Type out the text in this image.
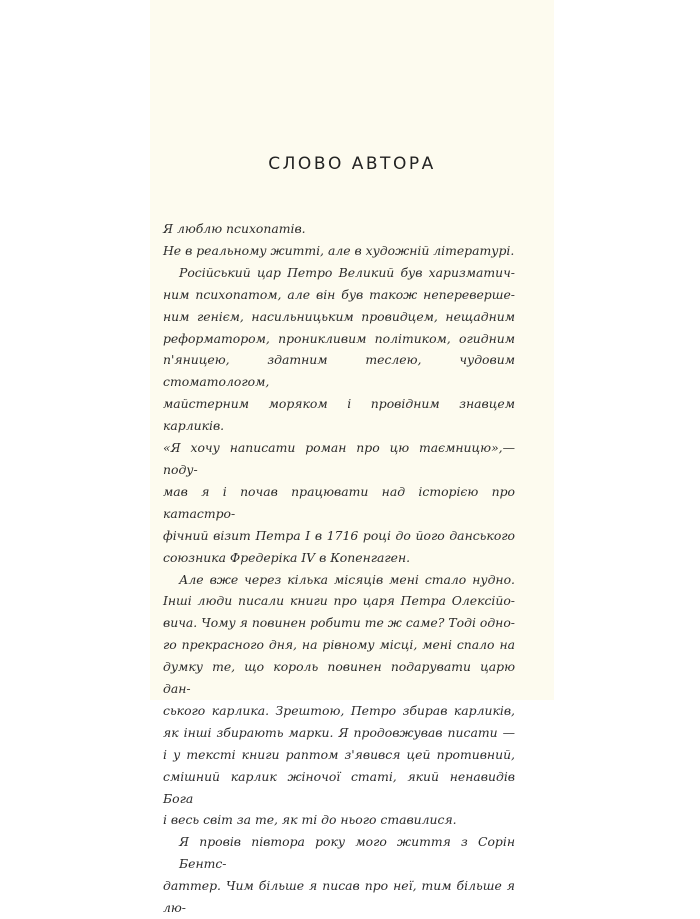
СЛОВО АВТОРА
Я люблю психопатів.
Не в реальному житті, але в художній літературі.
Російський цар Петро Великий був харизматич-
ним психопатом, але він був також неперевершe-
ним генієм, насильницьким провидцем, нещадним
реформатором, проникливим політиком, огидним
п'яницею, здатним теслею, чудовим стоматологом,
майстерним моряком і провідним знавцем карликів.
«Я хочу написати роман про цю таємницю»,— поду-
мав я і почав працювати над історією про катастро-
фічний візит Петра I в 1716 році до його данського
союзника Фредеріка IV в Копенгаген.
Але вже через кілька місяців мені стало нудно.
Інші люди писали книги про царя Петра Олексійо-
вича. Чому я повинен робити те ж саме? Тоді одно-
го прекрасного дня, на рівному місці, мені спало на
думку те, що король повинен подарувати царю дан-
ського карлика. Зрештою, Петро збирав карликів,
як інші збирають марки. Я продовжував писати —
і у тексті книги раптом з'явився цей противний,
смішний карлик жіночої статі, який ненавидів Бога
і весь світ за те, як ті до нього ставилися.
Я провів півтора року мого життя з Сорін Бентс-
даттер. Чим більше я писав про неї, тим більше я лю-
